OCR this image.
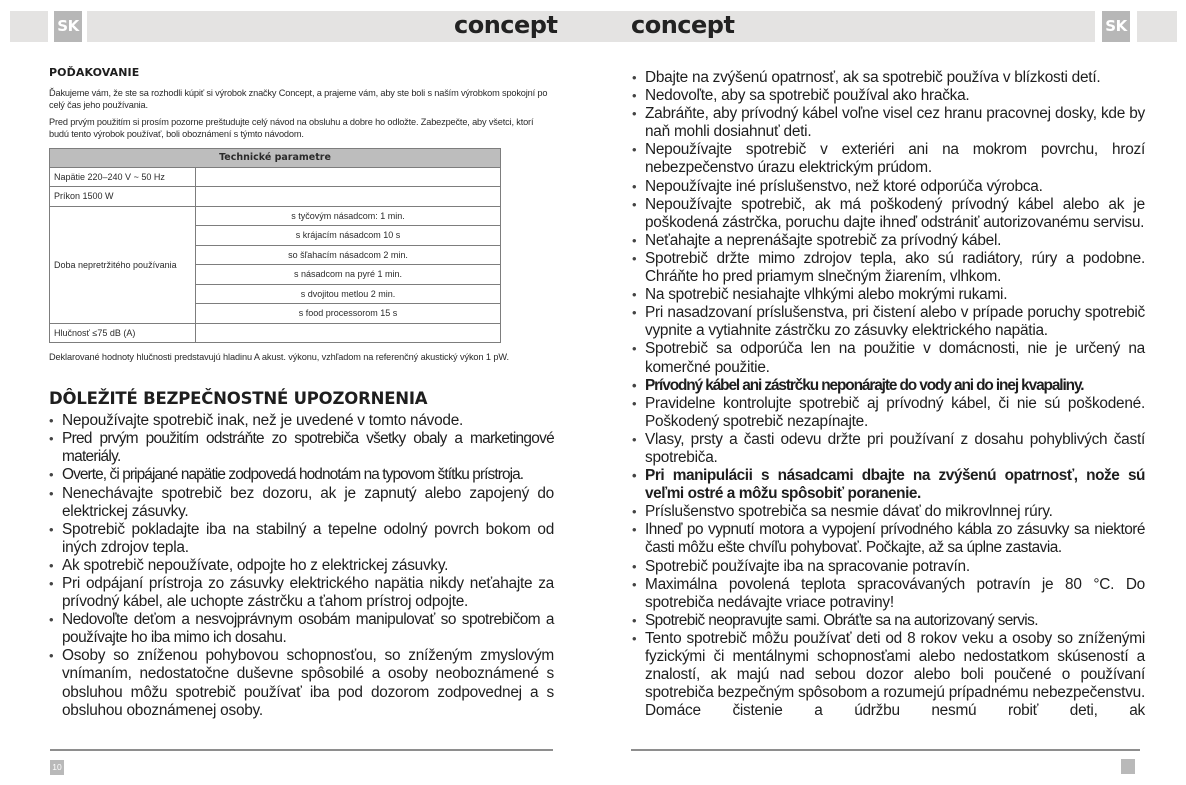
SK	concept	concept	SK
POĎAKOVANIE

Ďakujeme vám, že ste sa rozhodli kúpiť si výrobok značky Concept, a prajeme vám, aby ste boli s naším výrobkom spokojní po celý čas jeho používania.

Pred prvým použitím si prosím pozorne preštudujte celý návod na obsluhu a dobre ho odložte. Zabezpečte, aby všetci, ktorí budú tento výrobok používať, boli oboznámení s týmto návodom.

Technické parametre	
Napätie 220–240 V ~ 50 Hz	
Príkon 1500 W	
Doba nepretržitého používania	s tyčovým násadcom: 1 min.
	s krájacím násadcom 10 s
	so šľahacím násadcom 2 min.
	s násadcom na pyré 1 min.
	s dvojitou metlou 2 min.
	s food processorom 15 s
Hlučnosť ≤75 dB (A)	

Deklarované hodnoty hlučnosti predstavujú hladinu A akust. výkonu, vzhľadom na referenčný akustický výkon 1 pW.

DÔLEŽITÉ BEZPEČNOSTNÉ UPOZORNENIA
• Nepoužívajte spotrebič inak, než je uvedené v tomto návode.
• Pred prvým použitím odstráňte zo spotrebiča všetky obaly a marketingové materiály.
• Overte, či pripájané napätie zodpovedá hodnotám na typovom štítku prístroja.
• Nenechávajte spotrebič bez dozoru, ak je zapnutý alebo zapojený do elektrickej zásuvky.
• Spotrebič pokladajte iba na stabilný a tepelne odolný povrch bokom od iných zdrojov tepla.
• Ak spotrebič nepoužívate, odpojte ho z elektrickej zásuvky.
• Pri odpájaní prístroja zo zásuvky elektrického napätia nikdy neťahajte za prívodný kábel, ale uchopte zástrčku a ťahom prístroj odpojte.
• Nedovoľte deťom a nesvojprávnym osobám manipulovať so spotrebičom a používajte ho iba mimo ich dosahu.
• Osoby so zníženou pohybovou schopnosťou, so zníženým zmyslovým vnímaním, nedostatočne duševne spôsobilé a osoby neoboznámené s obsluhou môžu spotrebič používať iba pod dozorom zodpovednej a s obsluhou oboznámenej osoby.
10
• Dbajte na zvýšenú opatrnosť, ak sa spotrebič používa v blízkosti detí.
• Nedovoľte, aby sa spotrebič používal ako hračka.
• Zabráňte, aby prívodný kábel voľne visel cez hranu pracovnej dosky, kde by naň mohli dosiahnuť deti.
• Nepoužívajte spotrebič v exteriéri ani na mokrom povrchu, hrozí nebezpečenstvo úrazu elektrickým prúdom.
• Nepoužívajte iné príslušenstvo, než ktoré odporúča výrobca.
• Nepoužívajte spotrebič, ak má poškodený prívodný kábel alebo ak je poškodená zástrčka, poruchu dajte ihneď odstrániť autorizovanému servisu.
• Neťahajte a neprenášajte spotrebič za prívodný kábel.
• Spotrebič držte mimo zdrojov tepla, ako sú radiátory, rúry a podobne. Chráňte ho pred priamym slnečným žiarením, vlhkom.
• Na spotrebič nesiahajte vlhkými alebo mokrými rukami.
• Pri nasadzovaní príslušenstva, pri čistení alebo v prípade poruchy spotrebič vypnite a vytiahnite zástrčku zo zásuvky elektrického napätia.
• Spotrebič sa odporúča len na použitie v domácnosti, nie je určený na komerčné použitie.
• Prívodný kábel ani zástrčku neponárajte do vody ani do inej kvapaliny.
• Pravidelne kontrolujte spotrebič aj prívodný kábel, či nie sú poškodené. Poškodený spotrebič nezapínajte.
• Vlasy, prsty a časti odevu držte pri používaní z dosahu pohyblivých častí spotrebiča.
• Pri manipulácii s násadcami dbajte na zvýšenú opatrnosť, nože sú veľmi ostré a môžu spôsobiť poranenie.
• Príslušenstvo spotrebiča sa nesmie dávať do mikrovlnnej rúry.
• Ihneď po vypnutí motora a vypojení prívodného kábla zo zásuvky sa niektoré časti môžu ešte chvíľu pohybovať. Počkajte, až sa úplne zastavia.
• Spotrebič používajte iba na spracovanie potravín.
• Maximálna povolená teplota spracovávaných potravín je 80 °C. Do spotrebiča nedávajte vriace potraviny!
• Spotrebič neopravujte sami. Obráťte sa na autorizovaný servis.
• Tento spotrebič môžu používať deti od 8 rokov veku a osoby so zníženými fyzickými či mentálnymi schopnosťami alebo nedostatkom skúseností a znalostí, ak majú nad sebou dozor alebo boli poučené o používaní spotrebiča bezpečným spôsobom a rozumejú prípadnému nebezpečenstvu. Domáce čistenie a údržbu nesmú robiť deti, ak
